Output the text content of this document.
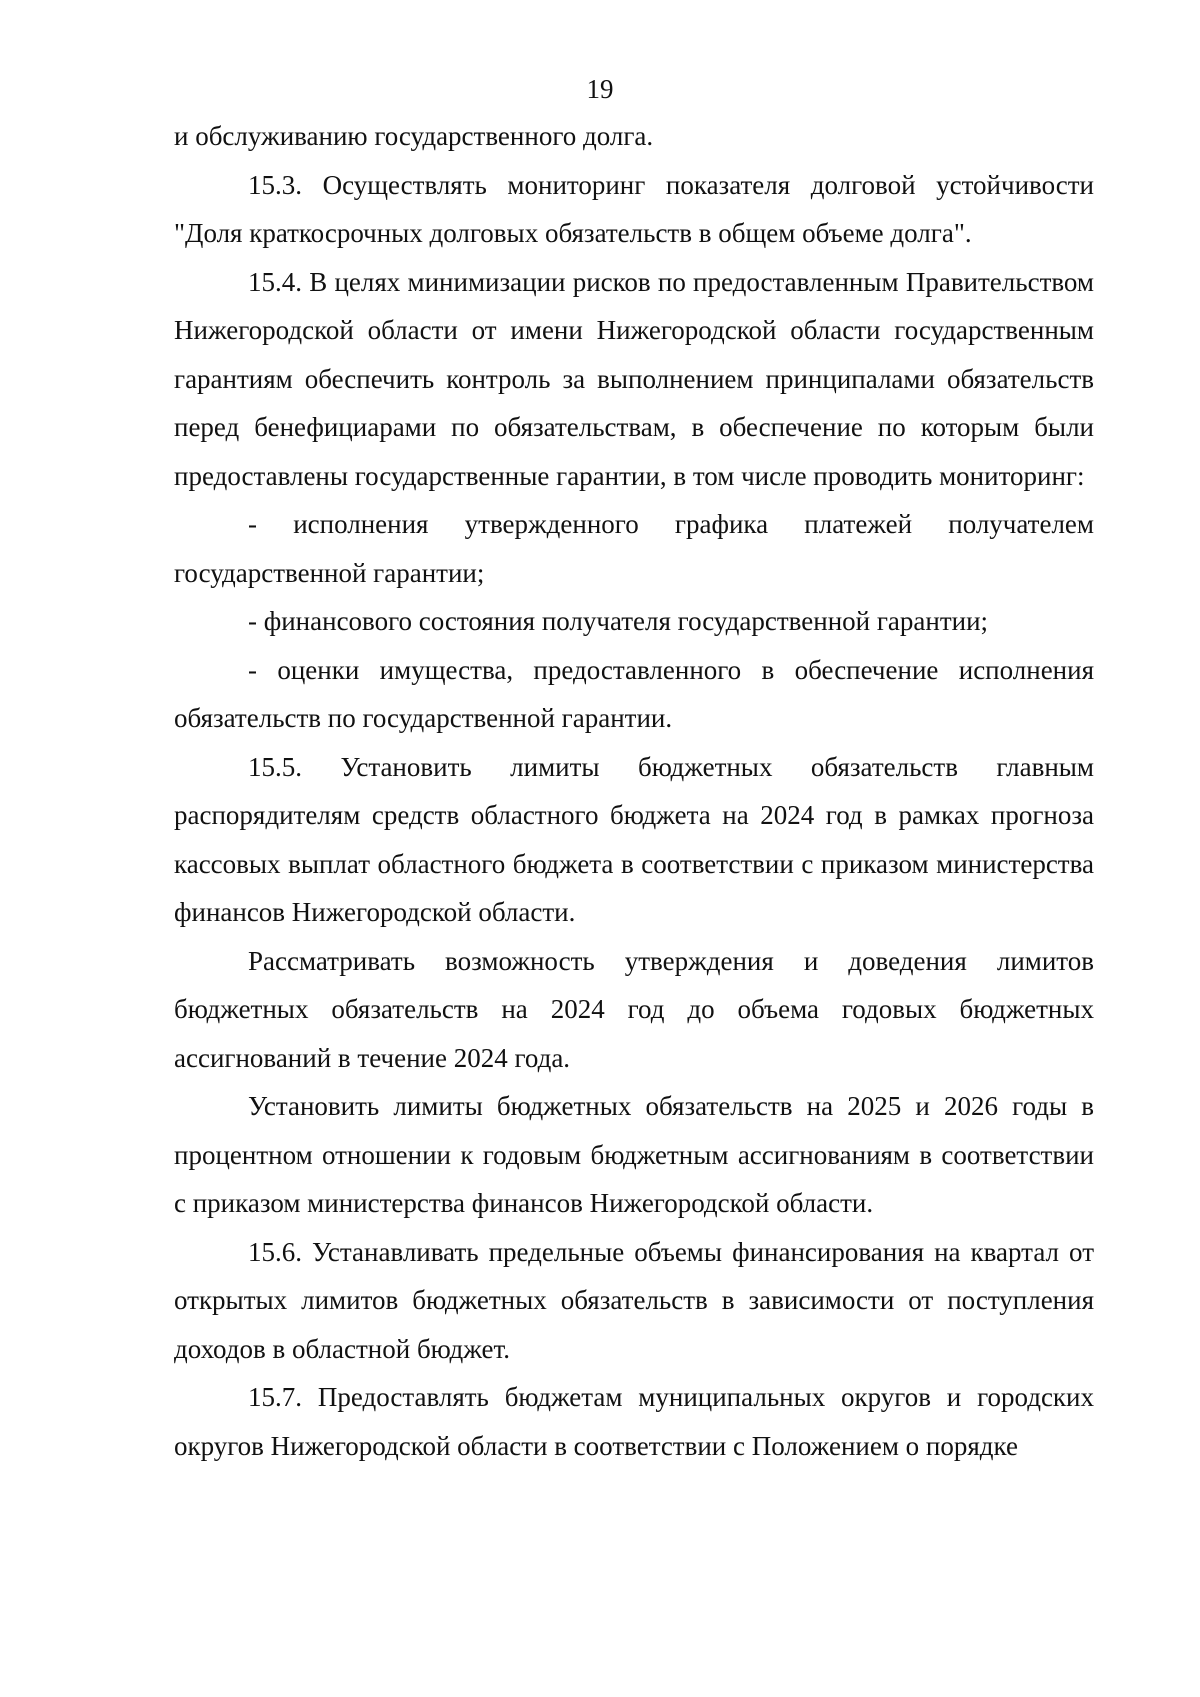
19

и обслуживанию государственного долга.

15.3. Осуществлять мониторинг показателя долговой устойчивости "Доля краткосрочных долговых обязательств в общем объеме долга".

15.4. В целях минимизации рисков по предоставленным Правительством Нижегородской области от имени Нижегородской области государственным гарантиям обеспечить контроль за выполнением принципалами обязательств перед бенефициарами по обязательствам, в обеспечение по которым были предоставлены государственные гарантии, в том числе проводить мониторинг:

- исполнения утвержденного графика платежей получателем государственной гарантии;

- финансового состояния получателя государственной гарантии;

- оценки имущества, предоставленного в обеспечение исполнения обязательств по государственной гарантии.

15.5. Установить лимиты бюджетных обязательств главным распорядителям средств областного бюджета на 2024 год в рамках прогноза кассовых выплат областного бюджета в соответствии с приказом министерства финансов Нижегородской области.

Рассматривать возможность утверждения и доведения лимитов бюджетных обязательств на 2024 год до объема годовых бюджетных ассигнований в течение 2024 года.

Установить лимиты бюджетных обязательств на 2025 и 2026 годы в процентном отношении к годовым бюджетным ассигнованиям в соответствии с приказом министерства финансов Нижегородской области.

15.6. Устанавливать предельные объемы финансирования на квартал от открытых лимитов бюджетных обязательств в зависимости от поступления доходов в областной бюджет.

15.7. Предоставлять бюджетам муниципальных округов и городских округов Нижегородской области в соответствии с Положением о порядке
